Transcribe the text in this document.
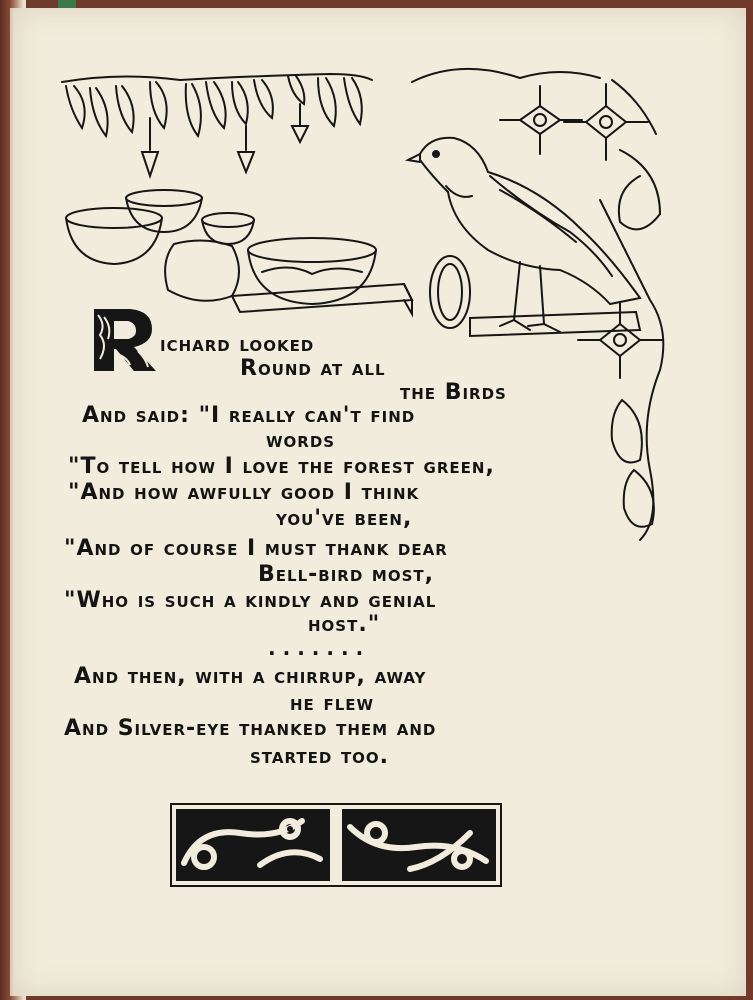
ichard looked

Round at all

the Birds

And said: "I really can't find

words

"To tell how I love the forest green,

"And how awfully good I think

you've been,

"And of course I must thank dear

Bell-bird most,

"Who is such a kindly and genial

host."

.......

And then, with a chirrup, away

he flew

And Silver-eye thanked them and

started too.
